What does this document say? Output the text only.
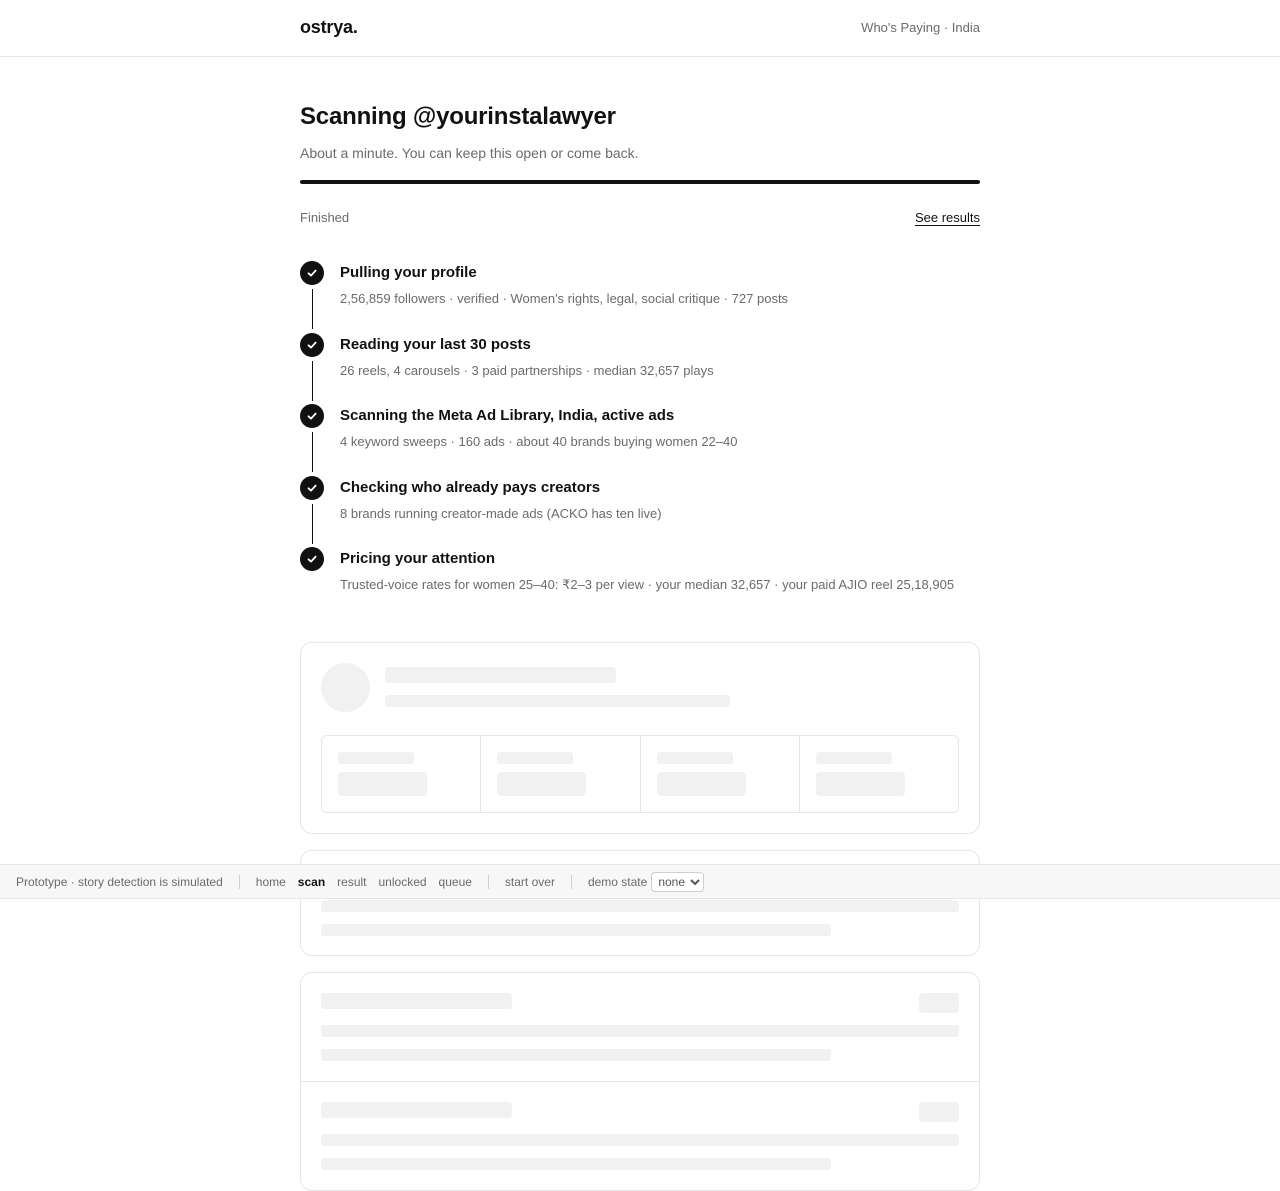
ostrya.	Who's Paying · India
Scanning @yourinstalawyer

About a minute. You can keep this open or come back.

Finished	See results
Pulling your profile
2,56,859 followers · verified · Women's rights, legal, social critique · 727 posts
Reading your last 30 posts
26 reels, 4 carousels · 3 paid partnerships · median 32,657 plays
Scanning the Meta Ad Library, India, active ads
4 keyword sweeps · 160 ads · about 40 brands buying women 22–40
Checking who already pays creators
8 brands running creator-made ads (ACKO has ten live)
Pricing your attention
Trusted-voice rates for women 25–40: ₹2–3 per view · your median 32,657 · your paid AJIO reel 25,18,905
Prototype · story detection is simulated	home scan result unlocked queue	start over	demo state
none
